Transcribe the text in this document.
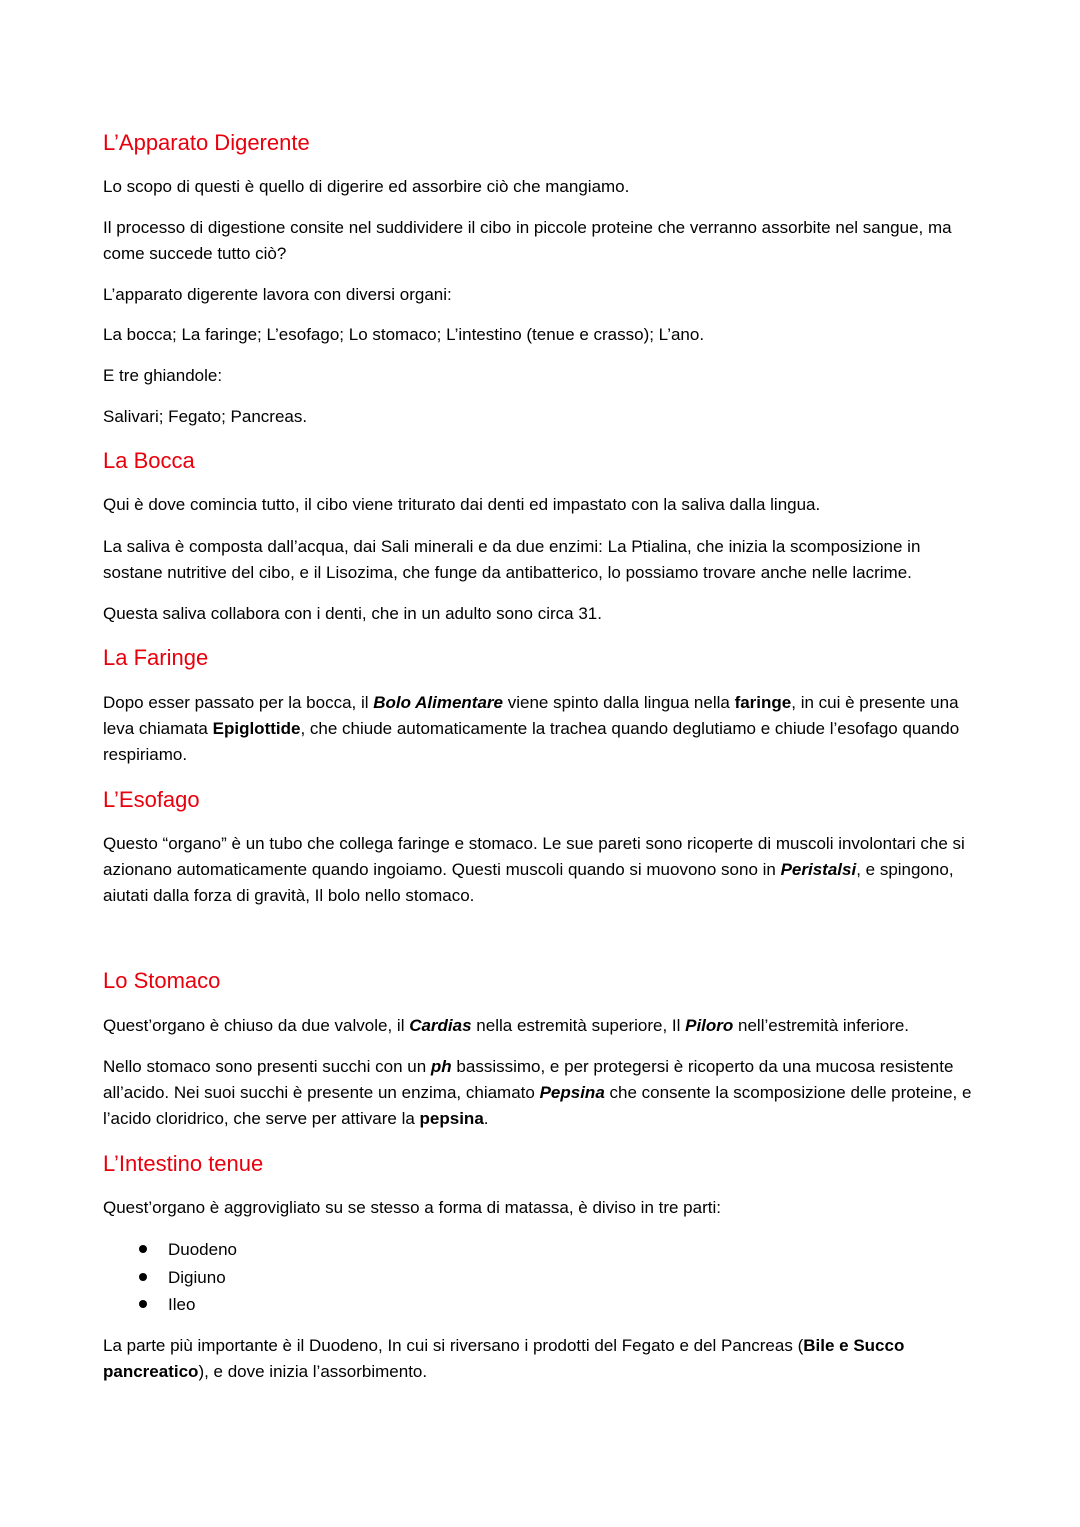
L’Apparato Digerente

Lo scopo di questi è quello di digerire ed assorbire ciò che mangiamo.

Il processo di digestione consite nel suddividere il cibo in piccole proteine che verranno assorbite nel sangue, ma come succede tutto ciò?

L’apparato digerente lavora con diversi organi:

La bocca; La faringe; L’esofago; Lo stomaco; L’intestino (tenue e crasso); L’ano.

E tre ghiandole:

Salivari; Fegato; Pancreas.

La Bocca

Qui è dove comincia tutto, il cibo viene triturato dai denti ed impastato con la saliva dalla lingua.

La saliva è composta dall’acqua, dai Sali minerali e da due enzimi: La Ptialina, che inizia la scomposizione in sostane nutritive del cibo, e il Lisozima, che funge da antibatterico, lo possiamo trovare anche nelle lacrime.

Questa saliva collabora con i denti, che in un adulto sono circa 31.

La Faringe

Dopo esser passato per la bocca, il Bolo Alimentare viene spinto dalla lingua nella faringe, in cui è presente una leva chiamata Epiglottide, che chiude automaticamente la trachea quando deglutiamo e chiude l’esofago quando respiriamo.

L’Esofago

Questo “organo” è un tubo che collega faringe e stomaco. Le sue pareti sono ricoperte di muscoli involontari che si azionano automaticamente quando ingoiamo. Questi muscoli quando si muovono sono in Peristalsi, e spingono, aiutati dalla forza di gravità, Il bolo nello stomaco.

Lo Stomaco

Quest’organo è chiuso da due valvole, il Cardias nella estremità superiore, Il Piloro nell’estremità inferiore.

Nello stomaco sono presenti succhi con un ph bassissimo, e per protegersi è ricoperto da una mucosa resistente all’acido. Nei suoi succhi è presente un enzima, chiamato Pepsina che consente la scomposizione delle proteine, e l’acido cloridrico, che serve per attivare la pepsina.

L’Intestino tenue

Quest’organo è aggrovigliato su se stesso a forma di matassa, è diviso in tre parti:

Duodeno
Digiuno
Ileo

La parte più importante è il Duodeno, In cui si riversano i prodotti del Fegato e del Pancreas (Bile e Succo pancreatico), e dove inizia l’assorbimento.
